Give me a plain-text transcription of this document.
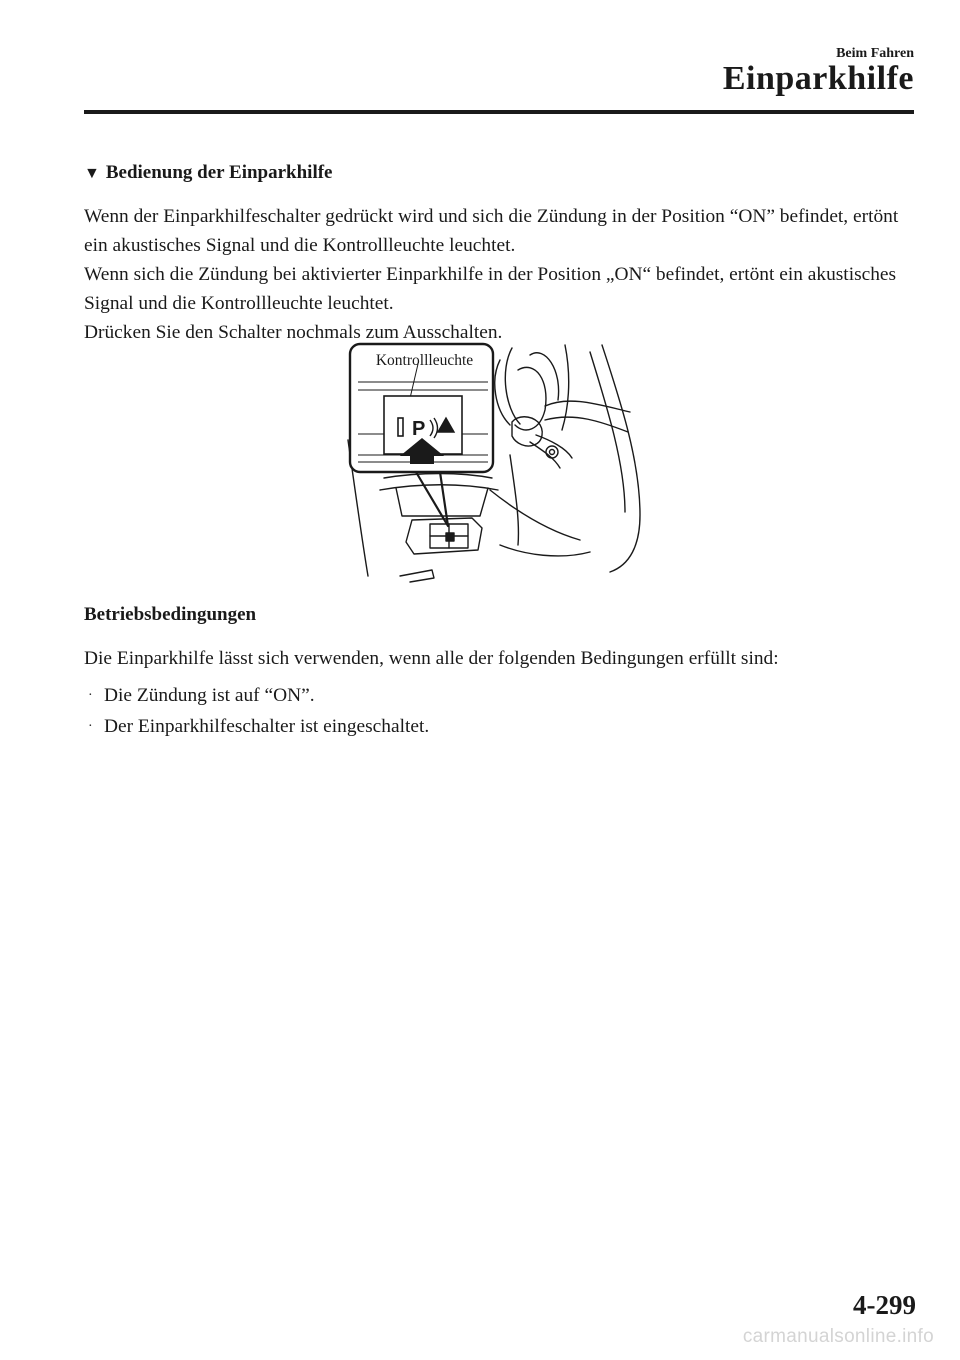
Beim Fahren
Einparkhilfe
▼ Bedienung der Einparkhilfe
Wenn der Einparkhilfeschalter gedrückt wird und sich die Zündung in der Position “ON” befindet, ertönt ein akustisches Signal und die Kontrollleuchte leuchtet.
Wenn sich die Zündung bei aktivierter Einparkhilfe in der Position „ON“ befindet, ertönt ein akustisches Signal und die Kontrollleuchte leuchtet.
Drücken Sie den Schalter nochmals zum Ausschalten.
P
Kontrollleuchte
Betriebsbedingungen
Die Einparkhilfe lässt sich verwenden, wenn alle der folgenden Bedingungen erfüllt sind:
· Die Zündung ist auf “ON”.
· Der Einparkhilfeschalter ist eingeschaltet.
4-299
carmanualsonline.info
